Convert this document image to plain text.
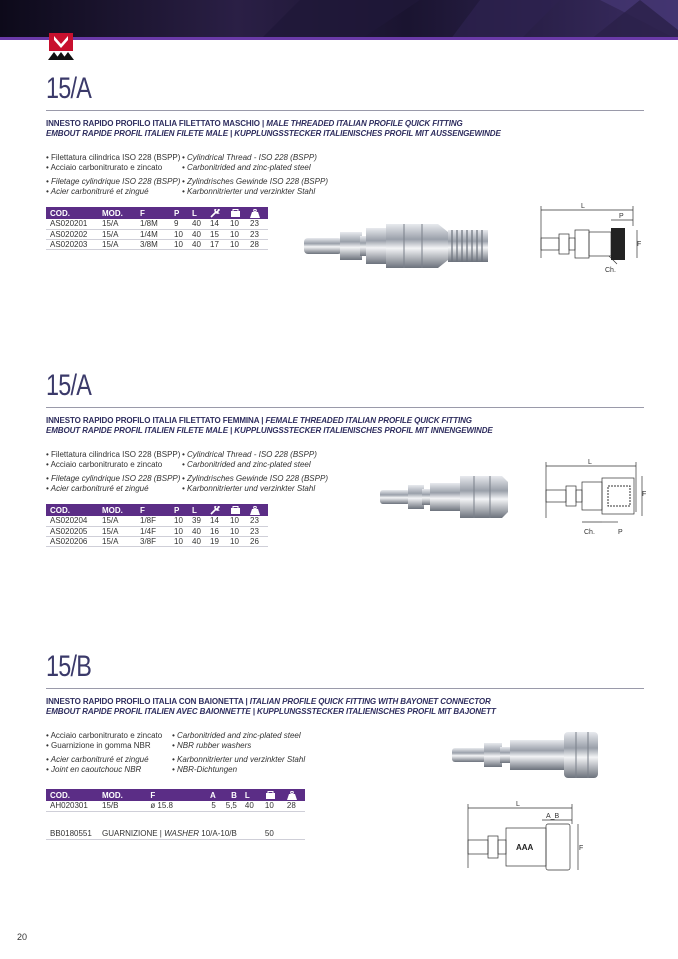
15/A
INNESTO RAPIDO PROFILO ITALIA FILETTATO MASCHIO | MALE THREADED ITALIAN PROFILE QUICK FITTING
EMBOUT RAPIDE PROFIL ITALIEN FILETE MALE | KUPPLUNGSSTECKER ITALIENISCHES PROFIL MIT AUSSENGEWINDE
• Filettatura cilindrica ISO 228 (BSPP) • Cylindrical Thread - ISO 228 (BSPP)
• Acciaio carbonitrurato e zincato	• Carbonitrided and zinc-plated steel
• Filetage cylindrique ISO 228 (BSPP) • Zylindrisches Gewinde ISO 228 (BSPP)
• Acier carbonitruré et zingué	• Karbonnitrierter und verzinkter Stahl
COD.	MOD.	F	P	L			
AS020201	15/A	1/8M	9	40	14	10	23
AS020202	15/A	1/4M	10	40	15	10	23
AS020203	15/A	3/8M	10	40	17	10	28
L
P
F
Ch.
15/A
INNESTO RAPIDO PROFILO ITALIA FILETTATO FEMMINA | FEMALE THREADED ITALIAN PROFILE QUICK FITTING
EMBOUT RAPIDE PROFIL ITALIEN FILETE MALE | KUPPLUNGSSTECKER ITALIENISCHES PROFIL MIT INNENGEWINDE
• Filettatura cilindrica ISO 228 (BSPP) • Cylindrical Thread - ISO 228 (BSPP)
• Acciaio carbonitrurato e zincato	• Carbonitrided and zinc-plated steel
• Filetage cylindrique ISO 228 (BSPP) • Zylindrisches Gewinde ISO 228 (BSPP)
• Acier carbonitruré et zingué	• Karbonnitrierter und verzinkter Stahl
COD.	MOD.	F	P	L			
AS020204	15/A	1/8F	10	39	14	10	23
AS020205	15/A	1/4F	10	40	16	10	23
AS020206	15/A	3/8F	10	40	19	10	26
L
F
Ch.	P
15/B
INNESTO RAPIDO PROFILO ITALIA CON BAIONETTA | ITALIAN PROFILE QUICK FITTING WITH BAYONET CONNECTOR
EMBOUT RAPIDE PROFIL ITALIEN AVEC BAIONNETTE | KUPPLUNGSSTECKER ITALIENISCHES PROFIL MIT BAJONETT
• Acciaio carbonitrurato e zincato	• Carbonitrided and zinc-plated steel
• Guarnizione in gomma NBR	• NBR rubber washers
• Acier carbonitruré et zingué	• Karbonnitrierter und verzinkter Stahl
• Joint en caoutchouc NBR	• NBR-Dichtungen
COD.	MOD.	F	A	B	L		
AH020301	15/B	ø 15.8	5	5,5	40	10	28

BB0180551	GUARNIZIONE | WASHER 10/A-10/B					50	
L
A_B
F
AAA
20
